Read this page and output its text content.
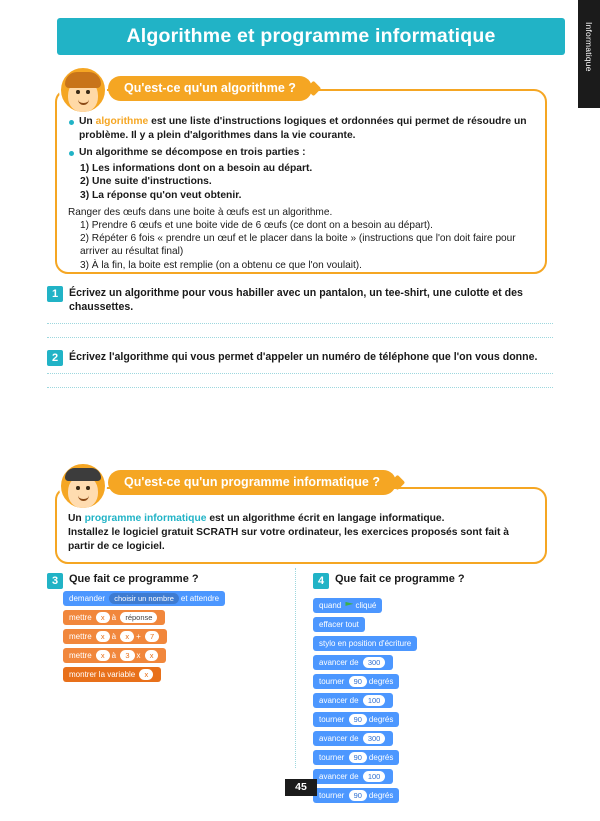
Informatique
Algorithme et programme informatique
Qu'est-ce qu'un algorithme ?
Un algorithme est une liste d'instructions logiques et ordonnées qui permet de résoudre un problème. Il y a plein d'algorithmes dans la vie courante.
Un algorithme se décompose en trois parties :
1) Les informations dont on a besoin au départ.
2) Une suite d'instructions.
3) La réponse qu'on veut obtenir.
Ranger des œufs dans une boite à œufs est un algorithme.
1) Prendre 6 œufs et une boite vide de 6 œufs (ce dont on a besoin au départ).
2) Répéter 6 fois « prendre un œuf et le placer dans la boite » (instructions que l'on doit faire pour arriver au résultat final)
3) À la fin, la boite est remplie (on a obtenu ce que l'on voulait).
1	Écrivez un algorithme pour vous habiller avec un pantalon, un tee-shirt, une culotte et des chaussettes.
2	Écrivez l'algorithme qui vous permet d'appeler un numéro de téléphone que l'on vous donne.
Qu'est-ce qu'un programme informatique ?
Un programme informatique est un algorithme écrit en langage informatique.
Installez le logiciel gratuit SCRATH sur votre ordinateur, les exercices proposés sont fait à partir de ce logiciel.
3 Que fait ce programme ?
demander choisir un nombre et attendre
mettre x à réponse
mettre x à x + 7
mettre x à 3 x x
montrer la variable x
4 Que fait ce programme ?
quand cliqué
effacer tout
stylo en position d'écriture
avancer de 300
tourner 90 degrés
avancer de 100
tourner 90 degrés
avancer de 300
tourner 90 degrés
avancer de 100
tourner 90 degrés
45
